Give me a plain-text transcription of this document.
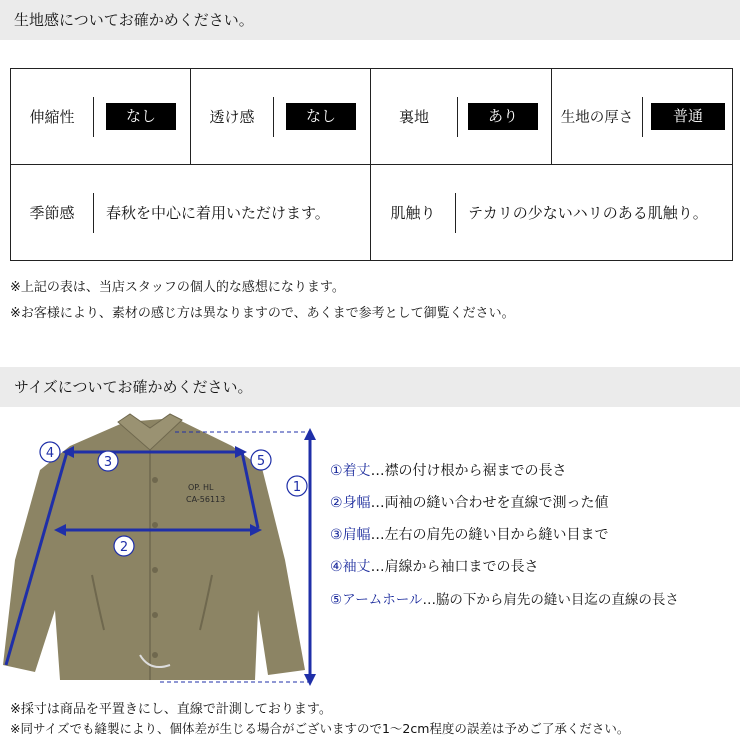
生地感についてお確かめください。
伸縮性 なし	透け感 なし	裏地 あり	生地の厚さ 普通

季節感 春秋を中心に着用いただけます。		肌触り テカリの少ないハリのある肌触り。	
※上記の表は、当店スタッフの個人的な感想になります。
※お客様により、素材の感じ方は異なりますので、あくまで参考として御覧ください。
サイズについてお確かめください。
OP. HL
CA-56113
4
3	5
2
1
①着丈…襟の付け根から裾までの長さ
②身幅…両袖の縫い合わせを直線で測った値
③肩幅…左右の肩先の縫い目から縫い目まで
④袖丈…肩線から袖口までの長さ
⑤アームホール…脇の下から肩先の縫い目迄の直線の長さ
※採寸は商品を平置きにし、直線で計測しております。
※同サイズでも縫製により、個体差が生じる場合がございますので1～2cm程度の誤差は予めご了承ください。
